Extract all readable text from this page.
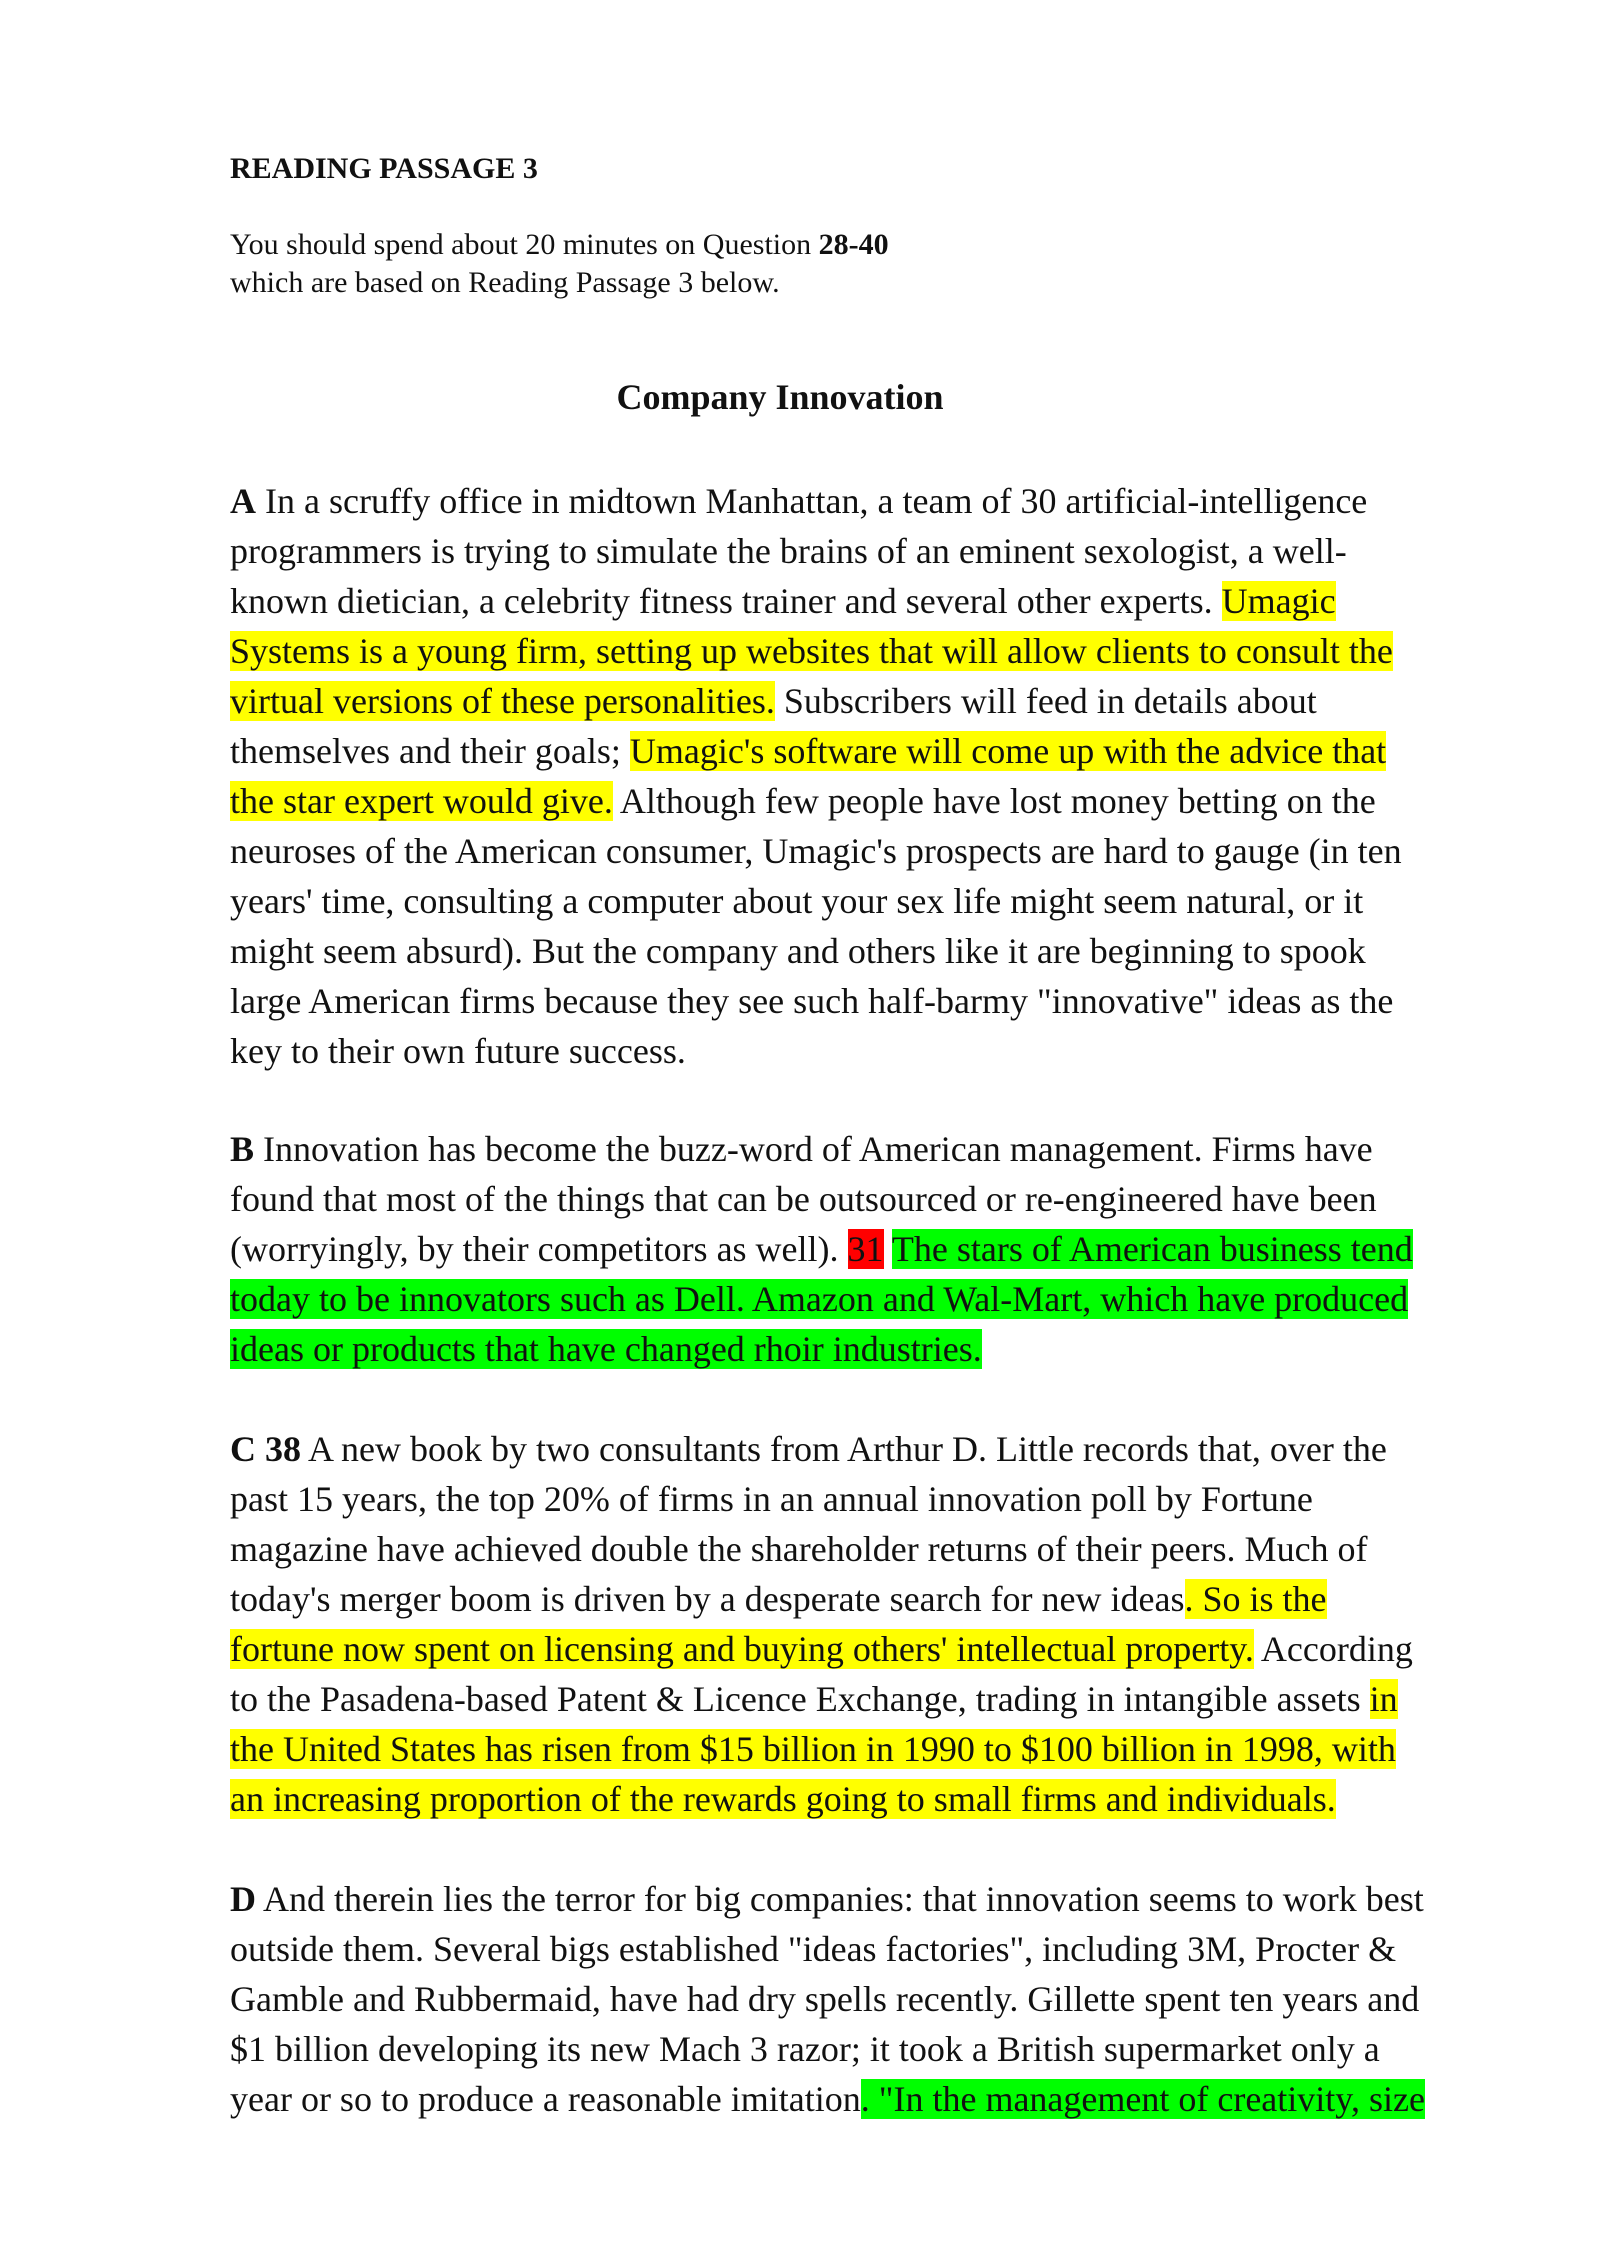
READING PASSAGE 3
You should spend about 20 minutes on Question 28-40
which are based on Reading Passage 3 below.
Company Innovation

A In a scruffy office in midtown Manhattan, a team of 30 artificial-intelligence
programmers is trying to simulate the brains of an eminent sexologist, a well-
known dietician, a celebrity fitness trainer and several other experts. Umagic
Systems is a young firm, setting up websites that will allow clients to consult the
virtual versions of these personalities. Subscribers will feed in details about
themselves and their goals; Umagic's software will come up with the advice that
the star expert would give. Although few people have lost money betting on the
neuroses of the American consumer, Umagic's prospects are hard to gauge (in ten
years' time, consulting a computer about your sex life might seem natural, or it
might seem absurd). But the company and others like it are beginning to spook
large American firms because they see such half-barmy "innovative" ideas as the
key to their own future success.

B Innovation has become the buzz-word of American management. Firms have
found that most of the things that can be outsourced or re-engineered have been
(worryingly, by their competitors as well). 31 The stars of American business tend
today to be innovators such as Dell. Amazon and Wal-Mart, which have produced
ideas or products that have changed rhoir industries.

C 38 A new book by two consultants from Arthur D. Little records that, over the
past 15 years, the top 20% of firms in an annual innovation poll by Fortune
magazine have achieved double the shareholder returns of their peers. Much of
today's merger boom is driven by a desperate search for new ideas. So is the
fortune now spent on licensing and buying others' intellectual property. According
to the Pasadena-based Patent & Licence Exchange, trading in intangible assets in
the United States has risen from $15 billion in 1990 to $100 billion in 1998, with
an increasing proportion of the rewards going to small firms and individuals.

D And therein lies the terror for big companies: that innovation seems to work best
outside them. Several bigs established "ideas factories", including 3M, Procter &
Gamble and Rubbermaid, have had dry spells recently. Gillette spent ten years and
$1 billion developing its new Mach 3 razor; it took a British supermarket only a
year or so to produce a reasonable imitation. "In the management of creativity, size
